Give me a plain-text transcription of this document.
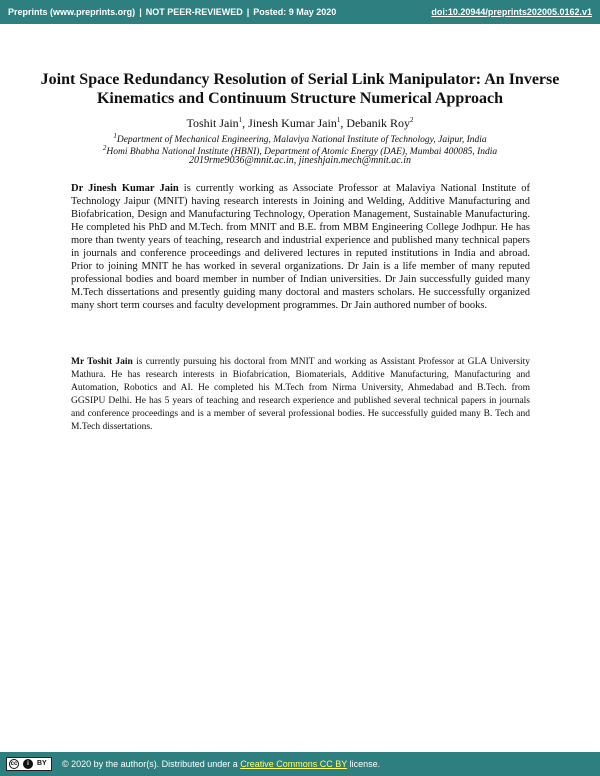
Preprints (www.preprints.org) | NOT PEER-REVIEWED | Posted: 9 May 2020	doi:10.20944/preprints202005.0162.v1
Joint Space Redundancy Resolution of Serial Link Manipulator: An Inverse Kinematics and Continuum Structure Numerical Approach
Toshit Jain$^1$, Jinesh Kumar Jain$^1$, Debanik Roy$^2$
$^1$Department of Mechanical Engineering, Malaviya National Institute of Technology, Jaipur, India
$^2$Homi Bhabha National Institute (HBNI), Department of Atomic Energy (DAE), Mumbai 400085, India
2019rme9036@mnit.ac.in, jineshjain.mech@mnit.ac.in
Dr Jinesh Kumar Jain is currently working as Associate Professor at Malaviya National Institute of Technology Jaipur (MNIT) having research interests in Joining and Welding, Additive Manufacturing and Biofabrication, Design and Manufacturing Technology, Operation Management, Sustainable Manufacturing. He completed his PhD and M.Tech. from MNIT and B.E. from MBM Engineering College Jodhpur. He has more than twenty years of teaching, research and industrial experience and published many technical papers in journals and conference proceedings and delivered lectures in reputed institutions in India and abroad. Prior to joining MNIT he has worked in several organizations. Dr Jain is a life member of many reputed professional bodies and board member in number of Indian universities. Dr Jain successfully guided many M.Tech dissertations and presently guiding many doctoral and masters scholars. He successfully organized many short term courses and faculty development programmes. Dr Jain authored number of books.
Mr Toshit Jain is currently pursuing his doctoral from MNIT and working as Assistant Professor at GLA University Mathura. He has research interests in Biofabrication, Biomaterials, Additive Manufacturing, Manufacturing and Automation, Robotics and AI. He completed his M.Tech from Nirma University, Ahmedabad and B.Tech. from GGSIPU Delhi. He has 5 years of teaching and research experience and published several technical papers in journals and conference proceedings and is a member of several professional bodies. He successfully guided many B. Tech and M.Tech dissertations.
cc	i	BY © 2020 by the author(s). Distributed under a Creative Commons CC BY license.
